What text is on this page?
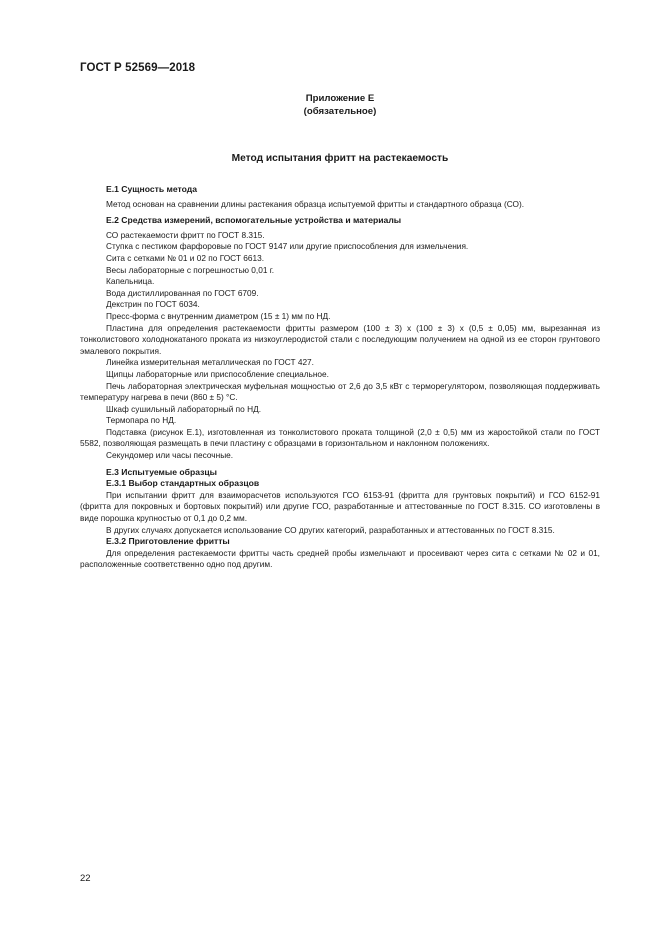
ГОСТ Р 52569—2018
Приложение Е
(обязательное)
Метод испытания фритт на растекаемость
Е.1 Сущность метода

Метод основан на сравнении длины растекания образца испытуемой фритты и стандартного образца (СО).

Е.2 Средства измерений, вспомогательные устройства и материалы

СО растекаемости фритт по ГОСТ 8.315.

Ступка с пестиком фарфоровые по ГОСТ 9147 или другие приспособления для измельчения.

Сита с сетками № 01 и 02 по ГОСТ 6613.

Весы лабораторные с погрешностью 0,01 г.

Капельница.

Вода дистиллированная по ГОСТ 6709.

Декстрин по ГОСТ 6034.

Пресс-форма с внутренним диаметром (15 ± 1) мм по НД.

Пластина для определения растекаемости фритты размером (100 ± 3) x (100 ± 3) x (0,5 ± 0,05) мм, вырезанная из тонколистового холоднокатаного проката из низкоуглеродистой стали с последующим получением на одной из ее сторон грунтового эмалевого покрытия.

Линейка измерительная металлическая по ГОСТ 427.

Щипцы лабораторные или приспособление специальное.

Печь лабораторная электрическая муфельная мощностью от 2,6 до 3,5 кВт с терморегулятором, позволяющая поддерживать температуру нагрева в печи (860 ± 5) °С.

Шкаф сушильный лабораторный по НД.

Термопара по НД.

Подставка (рисунок Е.1), изготовленная из тонколистового проката толщиной (2,0 ± 0,5) мм из жаростойкой стали по ГОСТ 5582, позволяющая размещать в печи пластину с образцами в горизонтальном и наклонном положениях.

Секундомер или часы песочные.

Е.3 Испытуемые образцы
Е.3.1 Выбор стандартных образцов

При испытании фритт для взаиморасчетов используются ГСО 6153-91 (фритта для грунтовых покрытий) и ГСО 6152-91 (фритта для покровных и бортовых покрытий) или другие ГСО, разработанные и аттестованные по ГОСТ 8.315. СО изготовлены в виде порошка крупностью от 0,1 до 0,2 мм.

В других случаях допускается использование СО других категорий, разработанных и аттестованных по ГОСТ 8.315.

Е.3.2 Приготовление фритты

Для определения растекаемости фритты часть средней пробы измельчают и просеивают через сита с сетками № 02 и 01, расположенные соответственно одно под другим.

22
